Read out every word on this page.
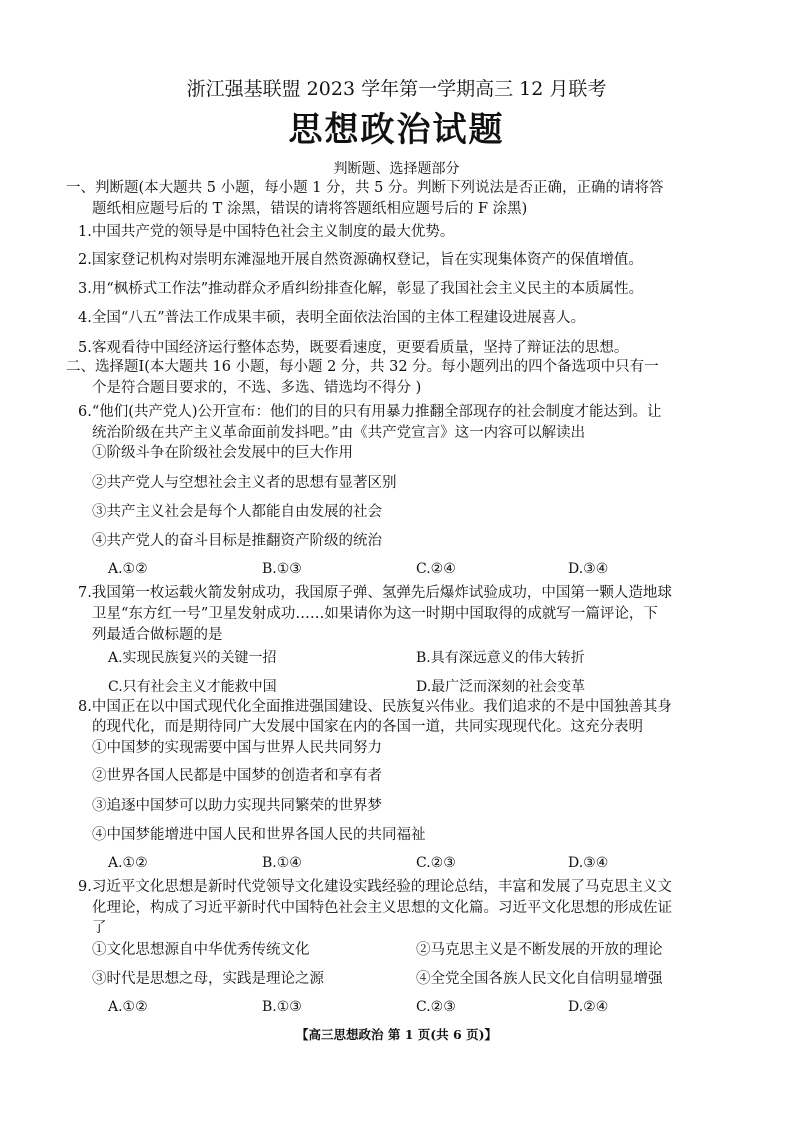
浙江强基联盟 2023 学年第一学期高三 12 月联考
思想政治试题
判断题、选择题部分
一、判断题(本大题共 5 小题，每小题 1 分，共 5 分。判断下列说法是否正确，正确的请将答
题纸相应题号后的 T 涂黑，错误的请将答题纸相应题号后的 F 涂黑)
1.中国共产党的领导是中国特色社会主义制度的最大优势。
2.国家登记机构对崇明东滩湿地开展自然资源确权登记，旨在实现集体资产的保值增值。
3.用“枫桥式工作法”推动群众矛盾纠纷排查化解，彰显了我国社会主义民主的本质属性。
4.全国“八五”普法工作成果丰硕，表明全面依法治国的主体工程建设进展喜人。
5.客观看待中国经济运行整体态势，既要看速度，更要看质量，坚持了辩证法的思想。
二、选择题Ⅰ(本大题共 16 小题，每小题 2 分，共 32 分。每小题列出的四个备选项中只有一
个是符合题目要求的，不选、多选、错选均不得分 )
6.“他们(共产党人)公开宣布：他们的目的只有用暴力推翻全部现存的社会制度才能达到。让
统治阶级在共产主义革命面前发抖吧。”由《共产党宣言》这一内容可以解读出
①阶级斗争在阶级社会发展中的巨大作用
②共产党人与空想社会主义者的思想有显著区别
③共产主义社会是每个人都能自由发展的社会
④共产党人的奋斗目标是推翻资产阶级的统治
A.①②	B.①③	C.②④	D.③④
7.我国第一枚运载火箭发射成功，我国原子弹、氢弹先后爆炸试验成功，中国第一颗人造地球
卫星“东方红一号”卫星发射成功……如果请你为这一时期中国取得的成就写一篇评论，下
列最适合做标题的是
A.实现民族复兴的关键一招	B.具有深远意义的伟大转折
C.只有社会主义才能救中国	D.最广泛而深刻的社会变革
8.中国正在以中国式现代化全面推进强国建设、民族复兴伟业。我们追求的不是中国独善其身
的现代化，而是期待同广大发展中国家在内的各国一道，共同实现现代化。这充分表明
①中国梦的实现需要中国与世界人民共同努力
②世界各国人民都是中国梦的创造者和享有者
③追逐中国梦可以助力实现共同繁荣的世界梦
④中国梦能增进中国人民和世界各国人民的共同福祉
A.①②	B.①④	C.②③	D.③④
9.习近平文化思想是新时代党领导文化建设实践经验的理论总结，丰富和发展了马克思主义文
化理论，构成了习近平新时代中国特色社会主义思想的文化篇。习近平文化思想的形成佐证
了
①文化思想源自中华优秀传统文化	②马克思主义是不断发展的开放的理论
③时代是思想之母，实践是理论之源	④全党全国各族人民文化自信明显增强
A.①②	B.①③	C.②③	D.②④
【高三思想政治 第 1 页(共 6 页)】
